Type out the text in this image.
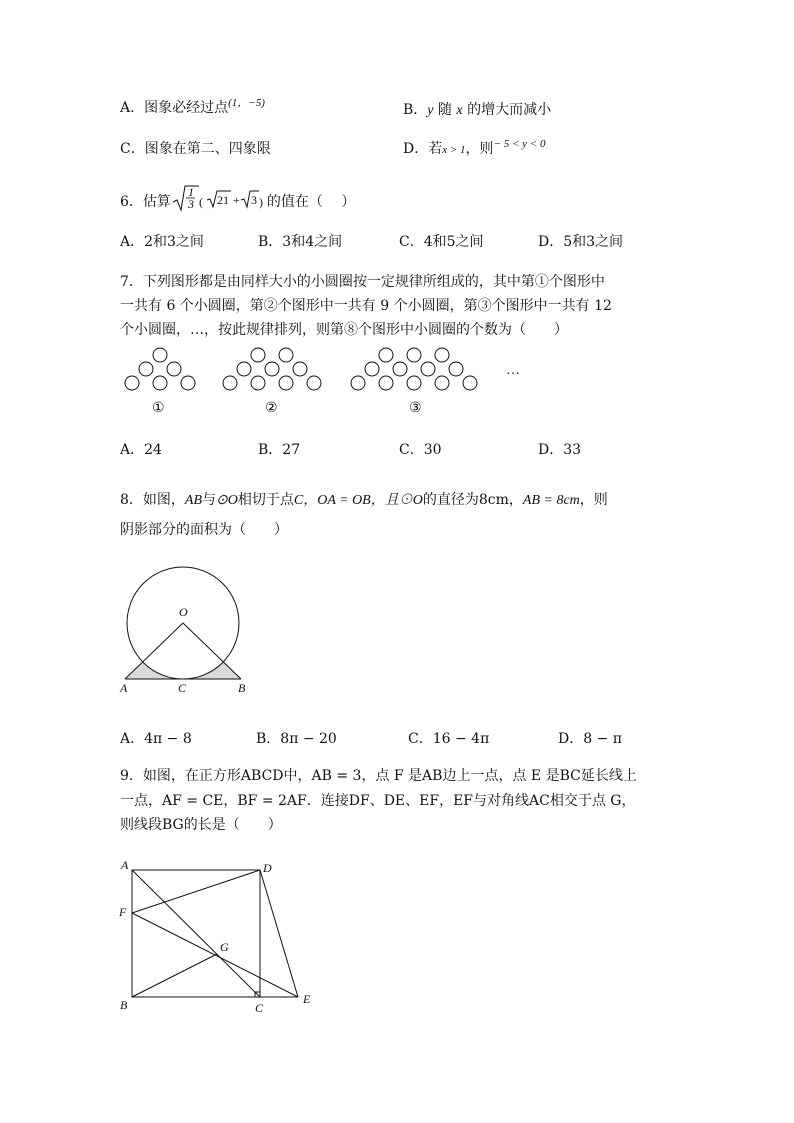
A．图象必经过点$^{(1,-5)}$	B．y 随 x 的增大而减小
C．图象在第二、四象限	D．若x > 1，则$^{- 5 < y < 0}$
6．估算
1
3 ( 21 + 3 ) 的值在（　 ）
A．2和3之间	B．3和4之间	C．4和5之间	D．5和3之间
7．下列图形都是由同样大小的小圆圈按一定规律所组成的，其中第①个图形中
一共有 6 个小圆圈，第②个图形中一共有 9 个小圆圈，第③个图形中一共有 12
个小圆圈，…，按此规律排列，则第⑧个图形中小圆圈的个数为（　　）
①	②	③
…
A．24	B．27	C．30	D．33
8．如图，AB与⊙O相切于点C，OA = OB，且⊙O的直径为8cm，AB = 8cm，则
阴影部分的面积为（　　）
O
A	C	B
A．4π − 8	B．8π − 20	C．16 − 4π	D．8 − π
9．如图，在正方形ABCD中，AB = 3，点 F 是AB边上一点，点 E 是BC延长线上
一点，AF = CE，BF = 2AF．连接DF、DE、EF，EF与对角线AC相交于点 G，
则线段BG的长是（　　）
A	D
F
G
B	C
E
